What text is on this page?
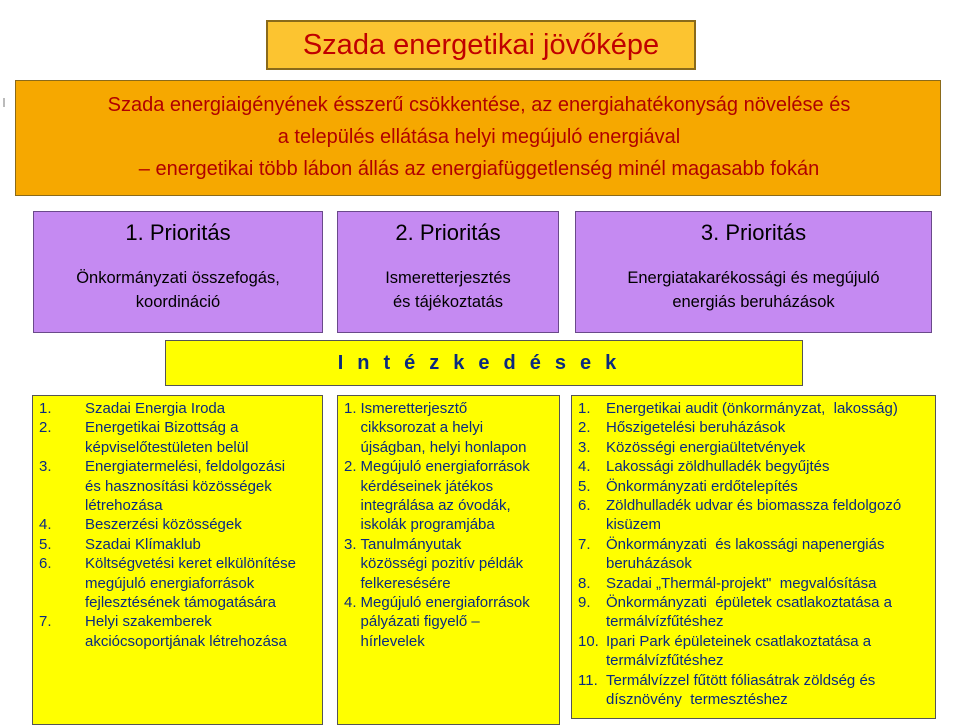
Szada energetikai jövőképe
Szada energiaigényének ésszerű csökkentése, az energiahatékonyság növelése és
a település ellátása helyi megújuló energiával
– energetikai több lábon állás az energiafüggetlenség minél magasabb fokán
1. Prioritás
Önkormányzati összefogás,
koordináció
2. Prioritás
Ismeretterjesztés
és tájékoztatás
3. Prioritás
Energiatakarékossági és megújuló
energiás beruházások
Intézkedések
1.	Szadai Energia Iroda
2.	Energetikai Bizottság a
képviselőtestületen belül
3.	Energiatermelési, feldolgozási
és hasznosítási közösségek
létrehozása
4.	Beszerzési közösségek
5.	Szadai Klímaklub
6.	Költségvetési keret elkülönítése
megújuló energiaforrások
fejlesztésének támogatására
7.	Helyi szakemberek
akciócsoportjának létrehozása
1. Ismeretterjesztő
cikksorozat a helyi
újságban, helyi honlapon
2. Megújuló energiaforrások
kérdéseinek játékos
integrálása az óvodák,
iskolák programjába
3. Tanulmányutak
közösségi pozitív példák
felkeresésére
4. Megújuló energiaforrások
pályázati figyelő –
hírlevelek
1.	Energetikai audit (önkormányzat,  lakosság)
2.	Hőszigetelési beruházások
3.	Közösségi energiaültetvények
4.	Lakossági zöldhulladék begyűjtés
5.	Önkormányzati erdőtelepítés
6.	Zöldhulladék udvar és biomassza feldolgozó
kisüzem
7.	Önkormányzati  és lakossági napenergiás
beruházások
8.	Szadai „Thermál-projekt"  megvalósítása
9.	Önkormányzati  épületek csatlakoztatása a
termálvízfűtéshez
10. Ipari Park épületeinek csatlakoztatása a
termálvízfűtéshez
11. Termálvízzel fűtött fóliasátrak zöldség és
dísznövény  termesztéshez
